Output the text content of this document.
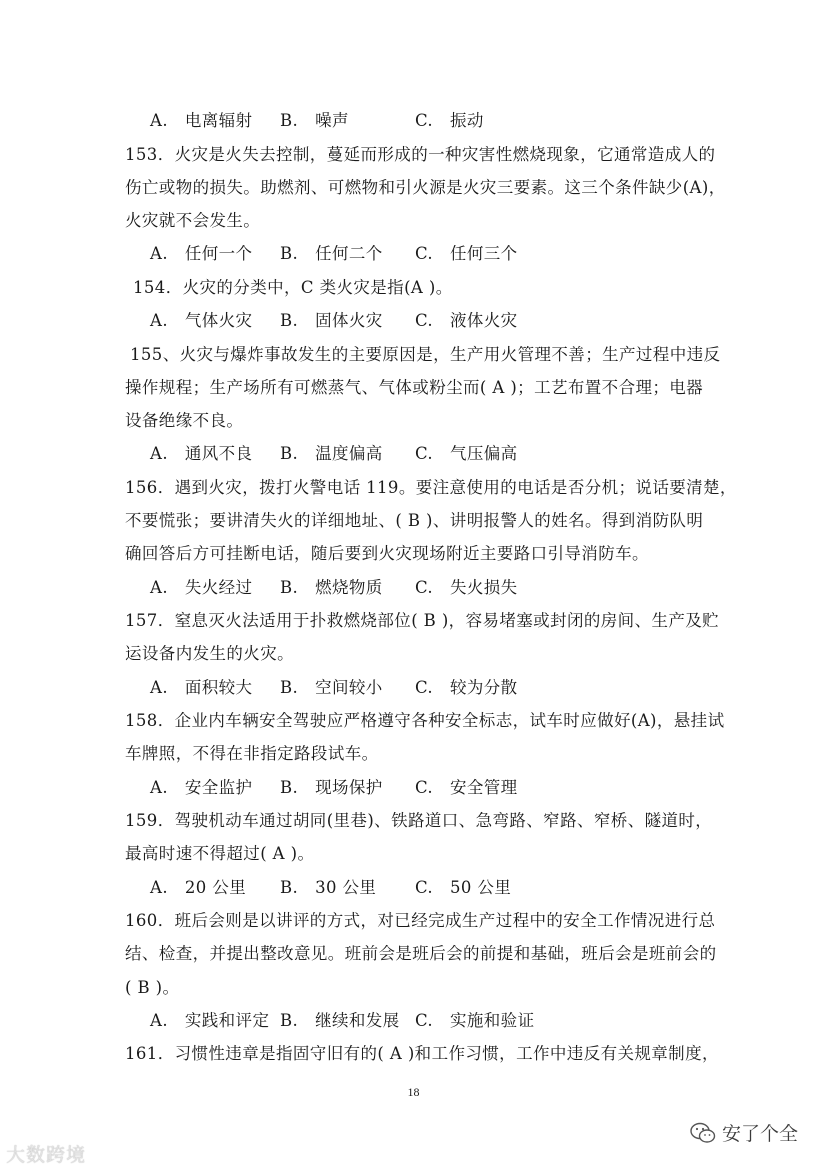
A.　电离辐射 B.　噪声	C.　振动
153．火灾是火失去控制，蔓延而形成的一种灾害性燃烧现象，它通常造成人的
伤亡或物的损失。助燃剂、可燃物和引火源是火灾三要素。这三个条件缺少(A)，
火灾就不会发生。
A.　任何一个 B.　任何二个 C.　任何三个
154．火灾的分类中，C 类火灾是指(A )。
A.　气体火灾 B.　固体火灾 C.　液体火灾
155、火灾与爆炸事故发生的主要原因是，生产用火管理不善；生产过程中违反
操作规程；生产场所有可燃蒸气、气体或粉尘而( A )；工艺布置不合理；电器
设备绝缘不良。
A.　通风不良 B.　温度偏高 C.　气压偏高
156．遇到火灾，拨打火警电话 119。要注意使用的电话是否分机；说话要清楚，
不要慌张；要讲清失火的详细地址、( B )、讲明报警人的姓名。得到消防队明
确回答后方可挂断电话，随后要到火灾现场附近主要路口引导消防车。
A.　失火经过 B.　燃烧物质 C.　失火损失
157．窒息灭火法适用于扑救燃烧部位( B )，容易堵塞或封闭的房间、生产及贮
运设备内发生的火灾。
A.　面积较大 B.　空间较小 C.　较为分散
158．企业内车辆安全驾驶应严格遵守各种安全标志，试车时应做好(A)，悬挂试
车牌照，不得在非指定路段试车。
A.　安全监护 B.　现场保护 C.　安全管理
159．驾驶机动车通过胡同(里巷)、铁路道口、急弯路、窄路、窄桥、隧道时，
最高时速不得超过( A )。
A.　20 公里 B.　30 公里 C.　50 公里
160．班后会则是以讲评的方式，对已经完成生产过程中的安全工作情况进行总
结、检查，并提出整改意见。班前会是班后会的前提和基础，班后会是班前会的
( B )。
A.　实践和评定 B.　继续和发展 C.　实施和验证
161．习惯性违章是指固守旧有的( A )和工作习惯，工作中违反有关规章制度，
18
大数跨境
安了个全
